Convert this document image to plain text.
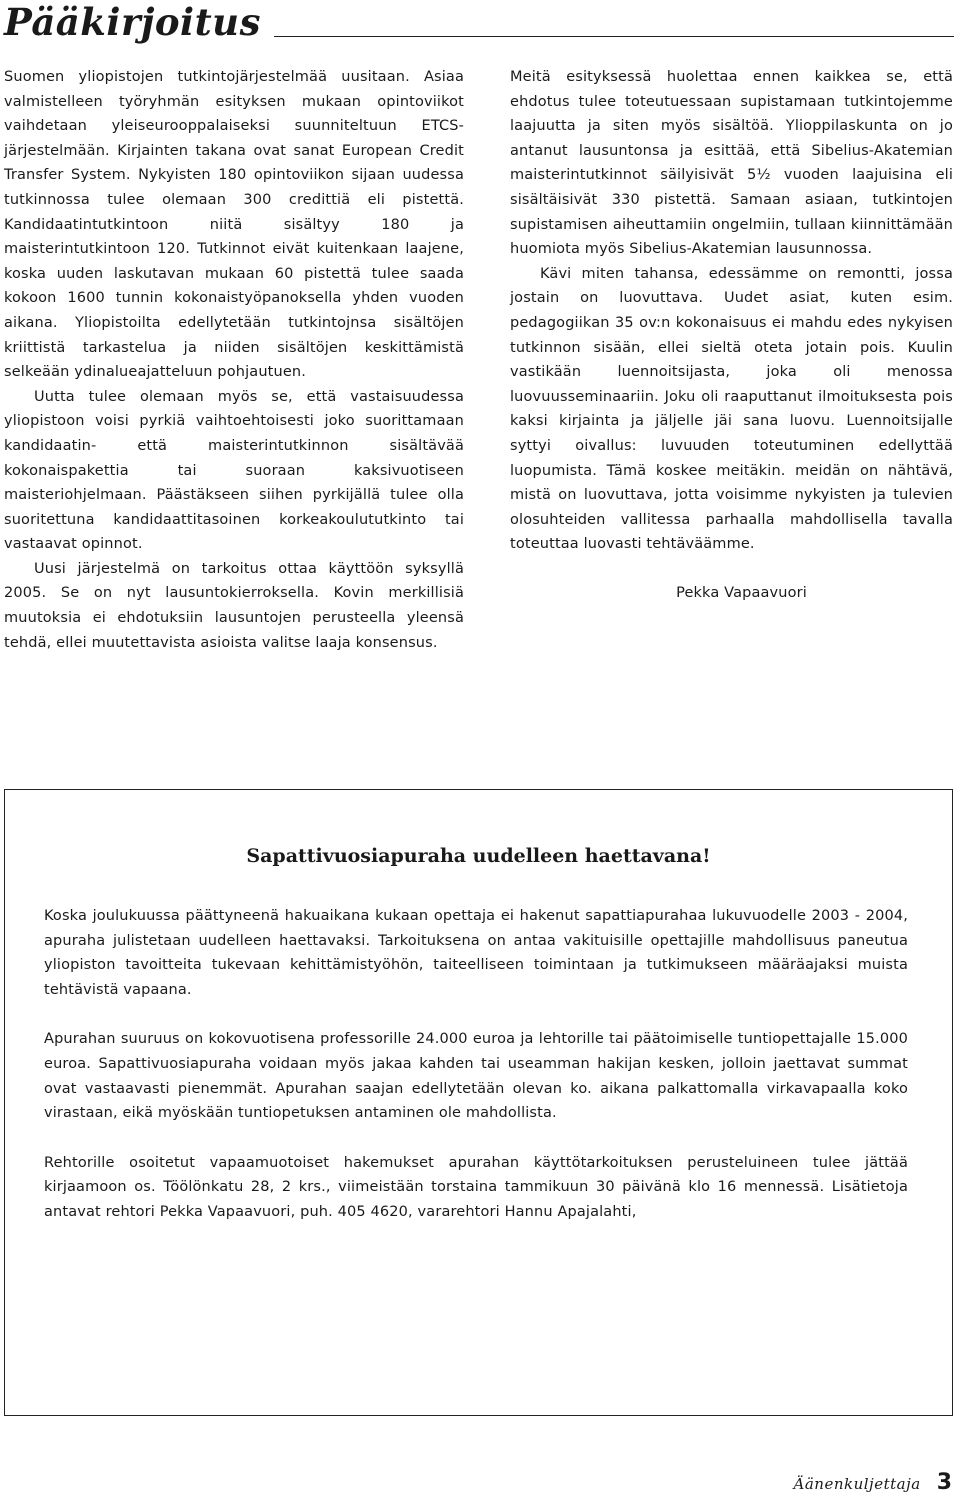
Pääkirjoitus

Suomen yliopistojen tutkintojärjestelmää uusitaan. Asiaa valmistelleen työryhmän esityksen mukaan opintoviikot vaihdetaan yleiseurooppalaiseksi suunniteltuun ETCS-järjestelmään. Kirjainten takana ovat sanat European Credit Transfer System. Nykyisten 180 opintoviikon sijaan uudessa tutkinnossa tulee olemaan 300 credittiä eli pistettä. Kandidaatintutkintoon niitä sisältyy 180 ja maisterintutkintoon 120. Tutkinnot eivät kuitenkaan laajene, koska uuden laskutavan mukaan 60 pistettä tulee saada kokoon 1600 tunnin kokonaistyöpanoksella yhden vuoden aikana. Yliopistoilta edellytetään tutkintojnsa sisältöjen kriittistä tarkastelua ja niiden sisältöjen keskittämistä selkeään ydinalueajatteluun pohjautuen.

Uutta tulee olemaan myös se, että vastaisuudessa yliopistoon voisi pyrkiä vaihtoehtoisesti joko suorittamaan kandidaatin- että maisterintutkinnon sisältävää kokonaispakettia tai suoraan kaksivuotiseen maisteriohjelmaan. Päästäkseen siihen pyrkijällä tulee olla suoritettuna kandidaattitasoinen korkeakoulututkinto tai vastaavat opinnot.

Uusi järjestelmä on tarkoitus ottaa käyttöön syksyllä 2005. Se on nyt lausuntokierroksella. Kovin merkillisiä muutoksia ei ehdotuksiin lausuntojen perusteella yleensä tehdä, ellei muutettavista asioista valitse laaja konsensus.

Meitä esityksessä huolettaa ennen kaikkea se, että ehdotus tulee toteutuessaan supistamaan tutkintojemme laajuutta ja siten myös sisältöä. Ylioppilaskunta on jo antanut lausuntonsa ja esittää, että Sibelius-Akatemian maisterintutkinnot säilyisivät 5½ vuoden laajuisina eli sisältäisivät 330 pistettä. Samaan asiaan, tutkintojen supistamisen aiheuttamiin ongelmiin, tullaan kiinnittämään huomiota myös Sibelius-Akatemian lausunnossa.

Kävi miten tahansa, edessämme on remontti, jossa jostain on luovuttava. Uudet asiat, kuten esim. pedagogiikan 35 ov:n kokonaisuus ei mahdu edes nykyisen tutkinnon sisään, ellei sieltä oteta jotain pois. Kuulin vastikään luennoitsijasta, joka oli menossa luovuusseminaariin. Joku oli raaputtanut ilmoituksesta pois kaksi kirjainta ja jäljelle jäi sana luovu. Luennoitsijalle syttyi oivallus: luvuuden toteutuminen edellyttää luopumista. Tämä koskee meitäkin. meidän on nähtävä, mistä on luovuttava, jotta voisimme nykyisten ja tulevien olosuhteiden vallitessa parhaalla mahdollisella tavalla toteuttaa luovasti tehtäväämme.

Pekka Vapaavuori

Sapattivuosiapuraha uudelleen haettavana!

Koska joulukuussa päättyneenä hakuaikana kukaan opettaja ei hakenut sapattiapurahaa lukuvuodelle 2003 - 2004, apuraha julistetaan uudelleen haettavaksi. Tarkoituksena on antaa vakituisille opettajille mahdollisuus paneutua yliopiston tavoitteita tukevaan kehittämistyöhön, taiteelliseen toimintaan ja tutkimukseen määräajaksi muista tehtävistä vapaana.

Apurahan suuruus on kokovuotisena professorille 24.000 euroa ja lehtorille tai päätoimiselle tuntiopettajalle 15.000 euroa. Sapattivuosiapuraha voidaan myös jakaa kahden tai useamman hakijan kesken, jolloin jaettavat summat ovat vastaavasti pienemmät. Apurahan saajan edellytetään olevan ko. aikana palkattomalla virkavapaalla koko virastaan, eikä myöskään tuntiopetuksen antaminen ole mahdollista.

Rehtorille osoitetut vapaamuotoiset hakemukset apurahan käyttötarkoituksen perusteluineen tulee jättää kirjaamoon os. Töölönkatu 28, 2 krs., viimeistään torstaina tammikuun 30 päivänä klo 16 mennessä. Lisätietoja antavat rehtori Pekka Vapaavuori, puh. 405 4620, vararehtori Hannu Apajalahti,

Äänenkuljettaja 3
